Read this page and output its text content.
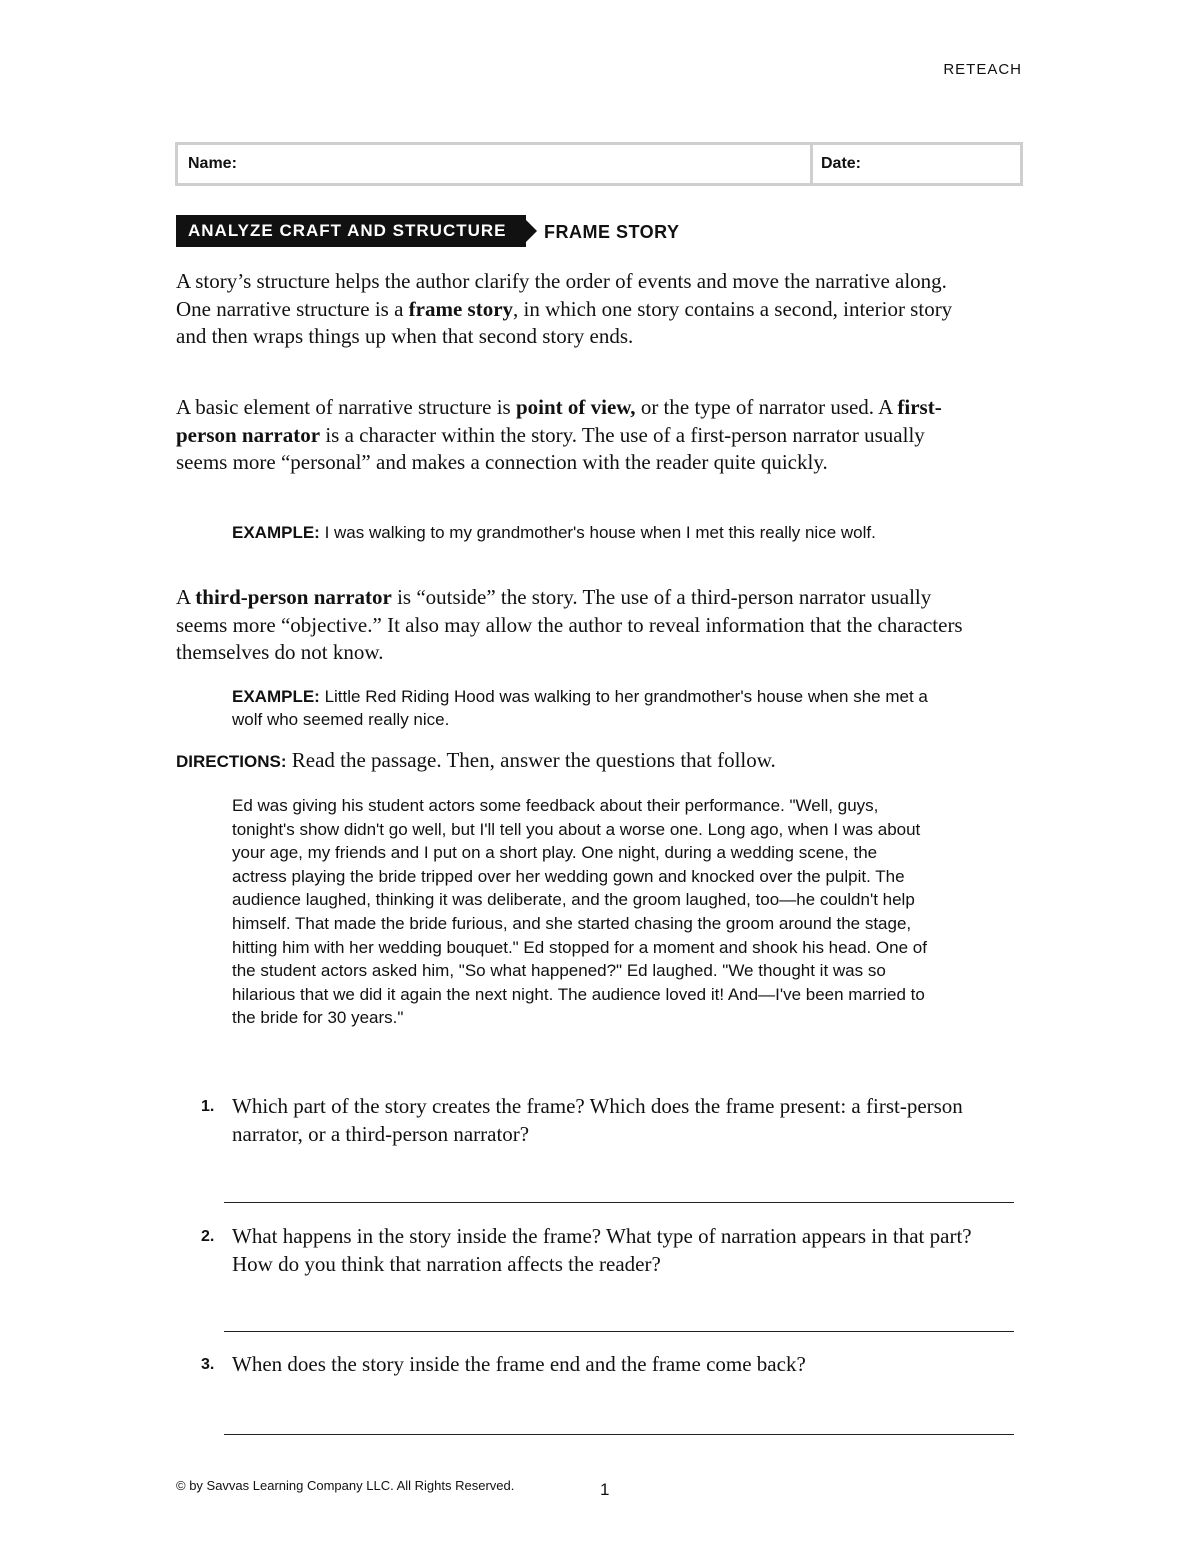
RETEACH
Name:	Date:
ANALYZE CRAFT AND STRUCTURE	FRAME STORY
A story’s structure helps the author clarify the order of events and move the narrative along. One narrative structure is a frame story, in which one story contains a second, interior story and then wraps things up when that second story ends.
A basic element of narrative structure is point of view, or the type of narrator used. A first-person narrator is a character within the story. The use of a first-person narrator usually seems more “personal” and makes a connection with the reader quite quickly.
EXAMPLE: I was walking to my grandmother's house when I met this really nice wolf.
A third-person narrator is “outside” the story. The use of a third-person narrator usually seems more “objective.” It also may allow the author to reveal information that the characters themselves do not know.
EXAMPLE: Little Red Riding Hood was walking to her grandmother's house when she met a wolf who seemed really nice.
DIRECTIONS: Read the passage. Then, answer the questions that follow.
Ed was giving his student actors some feedback about their performance. "Well, guys, tonight's show didn't go well, but I'll tell you about a worse one. Long ago, when I was about your age, my friends and I put on a short play. One night, during a wedding scene, the actress playing the bride tripped over her wedding gown and knocked over the pulpit. The audience laughed, thinking it was deliberate, and the groom laughed, too—he couldn't help himself. That made the bride furious, and she started chasing the groom around the stage, hitting him with her wedding bouquet." Ed stopped for a moment and shook his head. One of the student actors asked him, "So what happened?" Ed laughed. "We thought it was so hilarious that we did it again the next night. The audience loved it! And—I've been married to the bride for 30 years."
1. Which part of the story creates the frame? Which does the frame present: a first-person narrator, or a third-person narrator?
2. What happens in the story inside the frame? What type of narration appears in that part? How do you think that narration affects the reader?
3. When does the story inside the frame end and the frame come back?
© by Savvas Learning Company LLC. All Rights Reserved.	1
